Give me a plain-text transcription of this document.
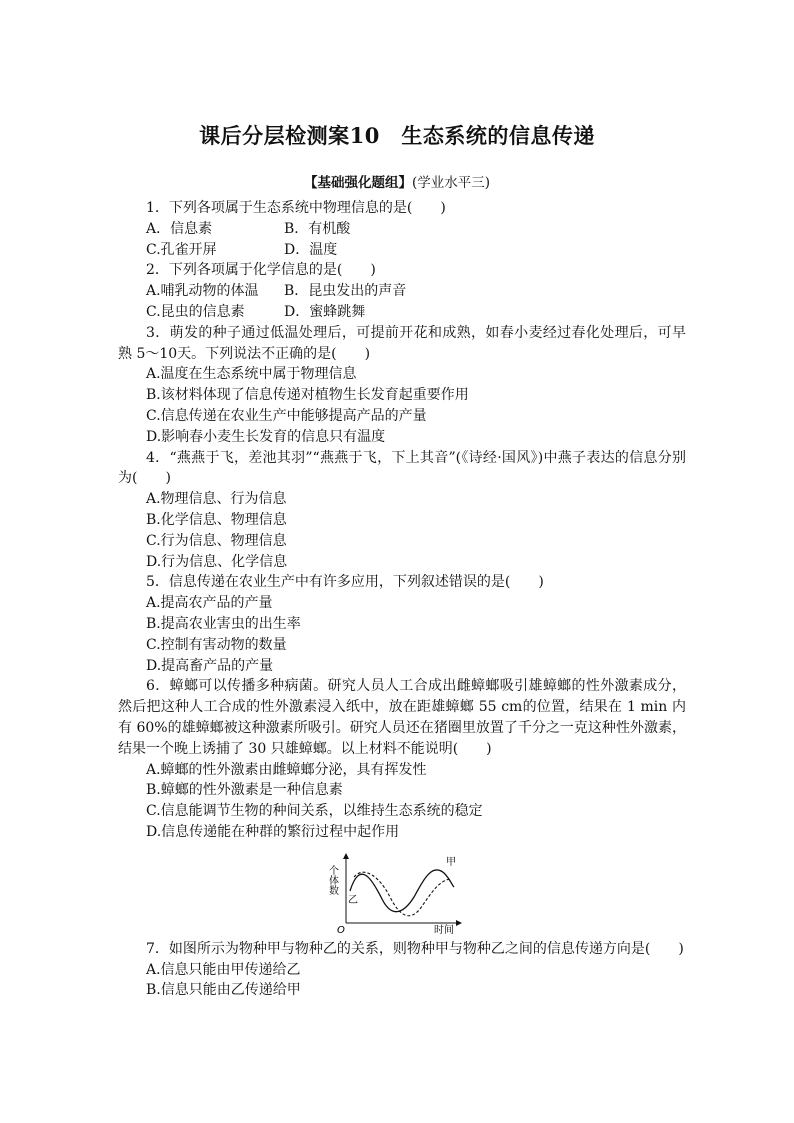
课后分层检测案10　生态系统的信息传递
【基础强化题组】(学业水平三)
1．下列各项属于生态系统中物理信息的是(　　)
A．信息素	B．有机酸
C.孔雀开屏	D．温度
2．下列各项属于化学信息的是(　　)
A.哺乳动物的体温	B．昆虫发出的声音
C.昆虫的信息素	D．蜜蜂跳舞
3．萌发的种子通过低温处理后，可提前开花和成熟，如春小麦经过春化处理后，可早熟 5～10天。下列说法不正确的是(　　)
A.温度在生态系统中属于物理信息
B.该材料体现了信息传递对植物生长发育起重要作用
C.信息传递在农业生产中能够提高产品的产量
D.影响春小麦生长发育的信息只有温度
4．“燕燕于飞，差池其羽”“燕燕于飞，下上其音”(《诗经·国风》)中燕子表达的信息分别为(　　)
A.物理信息、行为信息
B.化学信息、物理信息
C.行为信息、物理信息
D.行为信息、化学信息
5．信息传递在农业生产中有许多应用，下列叙述错误的是(　　)
A.提高农产品的产量
B.提高农业害虫的出生率
C.控制有害动物的数量
D.提高畜产品的产量
6．蟑螂可以传播多种病菌。研究人员人工合成出雌蟑螂吸引雄蟑螂的性外激素成分，然后把这种人工合成的性外激素浸入纸中，放在距雄蟑螂 55 cm的位置，结果在 1 min 内有 60%的雄蟑螂被这种激素所吸引。研究人员还在猪圈里放置了千分之一克这种性外激素，结果一个晚上诱捕了 30 只雄蟑螂。以上材料不能说明(　　)
A.蟑螂的性外激素由雌蟑螂分泌，具有挥发性
B.蟑螂的性外激素是一种信息素
C.信息能调节生物的种间关系，以维持生态系统的稳定
D.信息传递能在种群的繁衍过程中起作用
个体数
时间
O
甲
乙
7．如图所示为物种甲与物种乙的关系，则物种甲与物种乙之间的信息传递方向是(　　)
A.信息只能由甲传递给乙
B.信息只能由乙传递给甲
